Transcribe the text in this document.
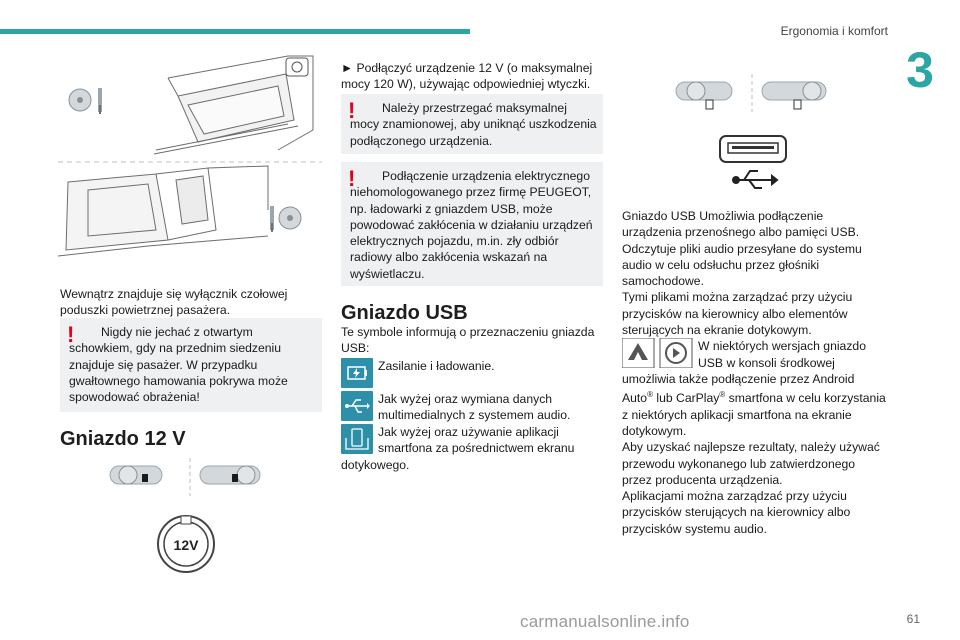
Ergonomia i komfort
3
Wewnątrz znajduje się wyłącznik czołowej poduszki powietrznej pasażera.
!	Nigdy nie jechać z otwartym schowkiem, gdy na przednim siedzeniu znajduje się pasażer. W przypadku gwałtownego hamowania pokrywa może spowodować obrażenia!
Gniazdo 12 V
12V
► Podłączyć urządzenie 12 V (o maksymalnej mocy 120 W), używając odpowiedniej wtyczki.
!	Należy przestrzegać maksymalnej mocy znamionowej, aby uniknąć uszkodzenia podłączonego urządzenia.
!	Podłączenie urządzenia elektrycznego niehomologowanego przez firmę PEUGEOT, np. ładowarki z gniazdem USB, może powodować zakłócenia w działaniu urządzeń elektrycznych pojazdu, m.in. zły odbiór radiowy albo zakłócenia wskazań na wyświetlaczu.
Gniazdo USB
Te symbole informują o przeznaczeniu gniazda USB:
Zasilanie i ładowanie.
Jak wyżej oraz wymiana danych multimedialnych z systemem audio.
Jak wyżej oraz używanie aplikacji smartfona za pośrednictwem ekranu dotykowego.
Gniazdo USB Umożliwia podłączenie urządzenia przenośnego albo pamięci USB.
Odczytuje pliki audio przesyłane do systemu audio w celu odsłuchu przez głośniki samochodowe.
Tymi plikami można zarządzać przy użyciu przycisków na kierownicy albo elementów sterujących na ekranie dotykowym.
W niektórych wersjach gniazdo USB w konsoli środkowej umożliwia także podłączenie przez Android Auto® lub CarPlay® smartfona w celu korzystania z niektórych aplikacji smartfona na ekranie dotykowym.
Aby uzyskać najlepsze rezultaty, należy używać przewodu wykonanego lub zatwierdzonego przez producenta urządzenia.
Aplikacjami można zarządzać przy użyciu przycisków sterujących na kierownicy albo przycisków systemu audio.
carmanualsonline.info	61
